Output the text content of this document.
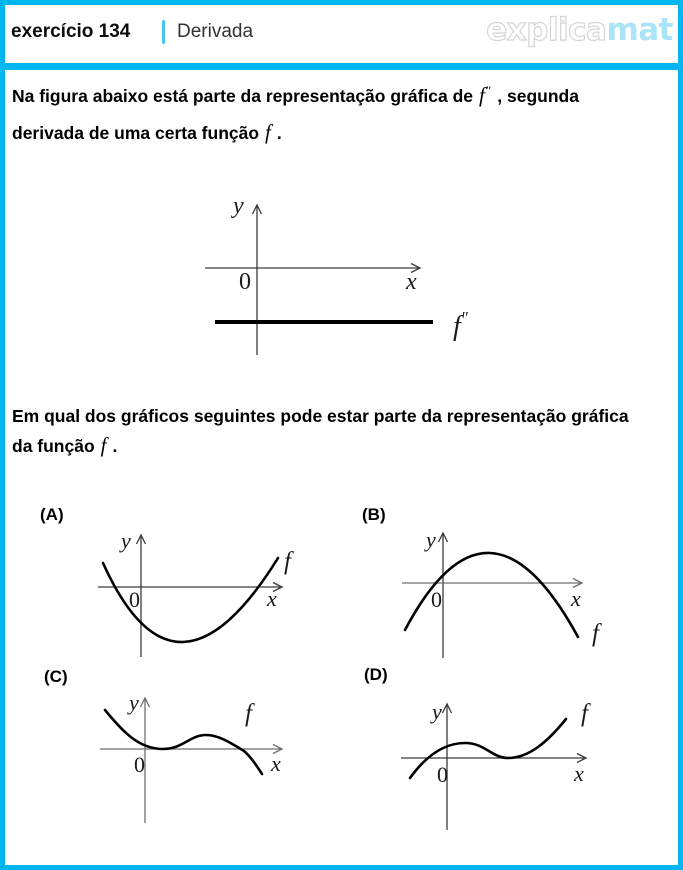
exercício 134 Derivada	explicamat
Na figura abaixo está parte da representação gráfica de f″ , segunda
derivada de uma certa função f .
y
0	x
f″
Em qual dos gráficos seguintes pode estar parte da representação gráfica
da função f .
(A)
y
0	x
f
(B)
y
0	x
f
(C)
y
0	x
f
(D)
y
0	x
f
